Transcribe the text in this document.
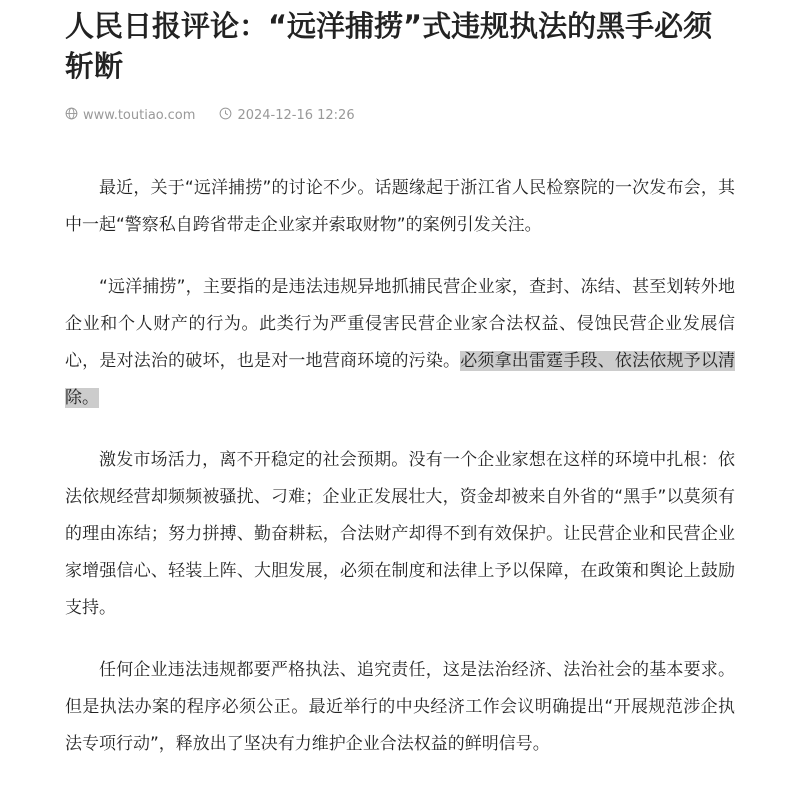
人民日报评论：“远洋捕捞”式违规执法的黑手必须斩断
www.toutiao.com	2024-12-16 12:26

最近，关于“远洋捕捞”的讨论不少。话题缘起于浙江省人民检察院的一次发布会，其中一起“警察私自跨省带走企业家并索取财物”的案例引发关注。

“远洋捕捞”，主要指的是违法违规异地抓捕民营企业家，查封、冻结、甚至划转外地企业和个人财产的行为。此类行为严重侵害民营企业家合法权益、侵蚀民营企业发展信心，是对法治的破坏，也是对一地营商环境的污染。必须拿出雷霆手段、依法依规予以清除。

激发市场活力，离不开稳定的社会预期。没有一个企业家想在这样的环境中扎根：依法依规经营却频频被骚扰、刁难；企业正发展壮大，资金却被来自外省的“黑手”以莫须有的理由冻结；努力拼搏、勤奋耕耘，合法财产却得不到有效保护。让民营企业和民营企业家增强信心、轻装上阵、大胆发展，必须在制度和法律上予以保障，在政策和舆论上鼓励支持。

任何企业违法违规都要严格执法、追究责任，这是法治经济、法治社会的基本要求。但是执法办案的程序必须公正。最近举行的中央经济工作会议明确提出“开展规范涉企执法专项行动”，释放出了坚决有力维护企业合法权益的鲜明信号。
